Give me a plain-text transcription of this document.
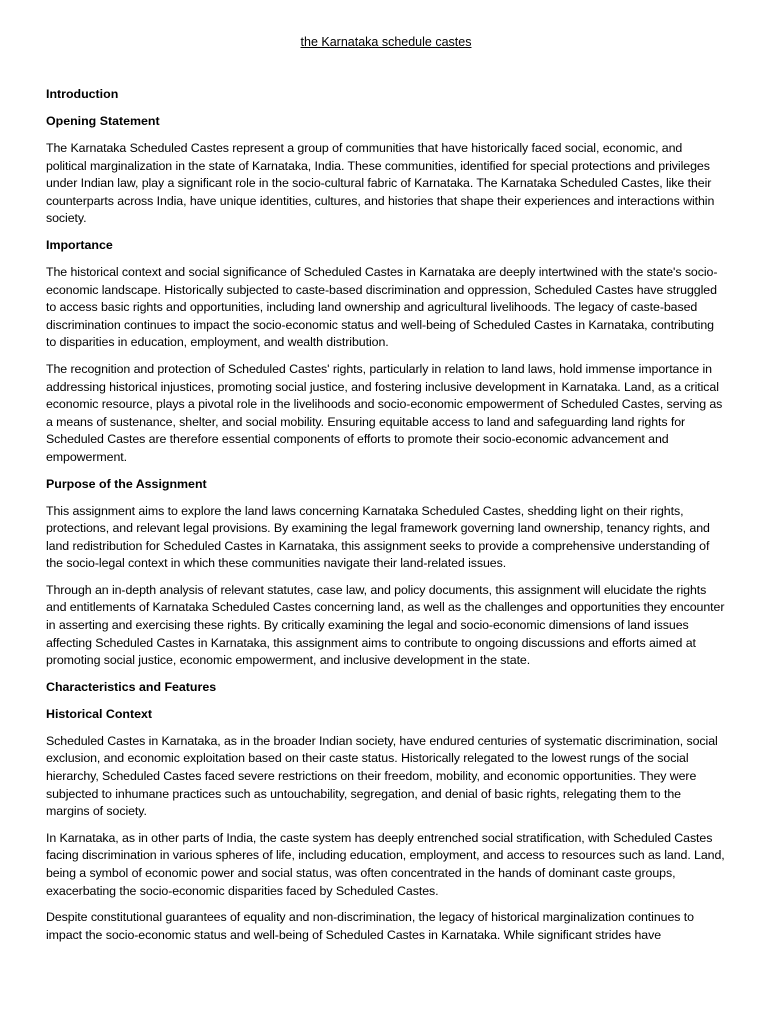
the Karnataka schedule castes
Introduction
Opening Statement

The Karnataka Scheduled Castes represent a group of communities that have historically faced social, economic, and political marginalization in the state of Karnataka, India. These communities, identified for special protections and privileges under Indian law, play a significant role in the socio-cultural fabric of Karnataka. The Karnataka Scheduled Castes, like their counterparts across India, have unique identities, cultures, and histories that shape their experiences and interactions within society.

Importance

The historical context and social significance of Scheduled Castes in Karnataka are deeply intertwined with the state's socio-economic landscape. Historically subjected to caste-based discrimination and oppression, Scheduled Castes have struggled to access basic rights and opportunities, including land ownership and agricultural livelihoods. The legacy of caste-based discrimination continues to impact the socio-economic status and well-being of Scheduled Castes in Karnataka, contributing to disparities in education, employment, and wealth distribution.

The recognition and protection of Scheduled Castes' rights, particularly in relation to land laws, hold immense importance in addressing historical injustices, promoting social justice, and fostering inclusive development in Karnataka. Land, as a critical economic resource, plays a pivotal role in the livelihoods and socio-economic empowerment of Scheduled Castes, serving as a means of sustenance, shelter, and social mobility. Ensuring equitable access to land and safeguarding land rights for Scheduled Castes are therefore essential components of efforts to promote their socio-economic advancement and empowerment.

Purpose of the Assignment

This assignment aims to explore the land laws concerning Karnataka Scheduled Castes, shedding light on their rights, protections, and relevant legal provisions. By examining the legal framework governing land ownership, tenancy rights, and land redistribution for Scheduled Castes in Karnataka, this assignment seeks to provide a comprehensive understanding of the socio-legal context in which these communities navigate their land-related issues.

Through an in-depth analysis of relevant statutes, case law, and policy documents, this assignment will elucidate the rights and entitlements of Karnataka Scheduled Castes concerning land, as well as the challenges and opportunities they encounter in asserting and exercising these rights. By critically examining the legal and socio-economic dimensions of land issues affecting Scheduled Castes in Karnataka, this assignment aims to contribute to ongoing discussions and efforts aimed at promoting social justice, economic empowerment, and inclusive development in the state.

Characteristics and Features
Historical Context

Scheduled Castes in Karnataka, as in the broader Indian society, have endured centuries of systematic discrimination, social exclusion, and economic exploitation based on their caste status. Historically relegated to the lowest rungs of the social hierarchy, Scheduled Castes faced severe restrictions on their freedom, mobility, and economic opportunities. They were subjected to inhumane practices such as untouchability, segregation, and denial of basic rights, relegating them to the margins of society.

In Karnataka, as in other parts of India, the caste system has deeply entrenched social stratification, with Scheduled Castes facing discrimination in various spheres of life, including education, employment, and access to resources such as land. Land, being a symbol of economic power and social status, was often concentrated in the hands of dominant caste groups, exacerbating the socio-economic disparities faced by Scheduled Castes.

Despite constitutional guarantees of equality and non-discrimination, the legacy of historical marginalization continues to impact the socio-economic status and well-being of Scheduled Castes in Karnataka. While significant strides have
